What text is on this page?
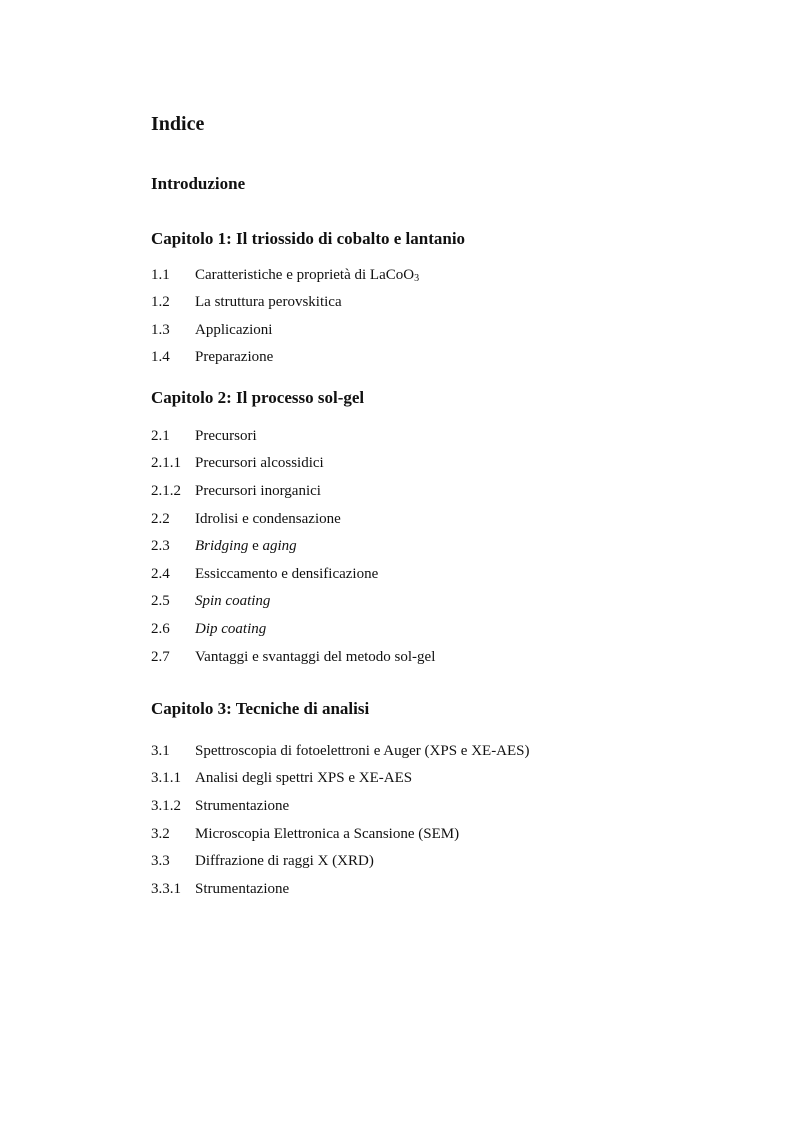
Indice
Introduzione
Capitolo 1: Il triossido di cobalto e lantanio
1.1 Caratteristiche e proprietà di LaCoO$_3$
1.2 La struttura perovskitica
1.3 Applicazioni
1.4 Preparazione
Capitolo 2: Il processo sol-gel
2.1 Precursori
2.1.1 Precursori alcossidici
2.1.2 Precursori inorganici
2.2 Idrolisi e condensazione
2.3 Bridging e aging
2.4 Essiccamento e densificazione
2.5 Spin coating
2.6 Dip coating
2.7 Vantaggi e svantaggi del metodo sol-gel
Capitolo 3: Tecniche di analisi
3.1 Spettroscopia di fotoelettroni e Auger (XPS e XE-AES)
3.1.1 Analisi degli spettri XPS e XE-AES
3.1.2 Strumentazione
3.2 Microscopia Elettronica a Scansione (SEM)
3.3 Diffrazione di raggi X (XRD)
3.3.1 Strumentazione
